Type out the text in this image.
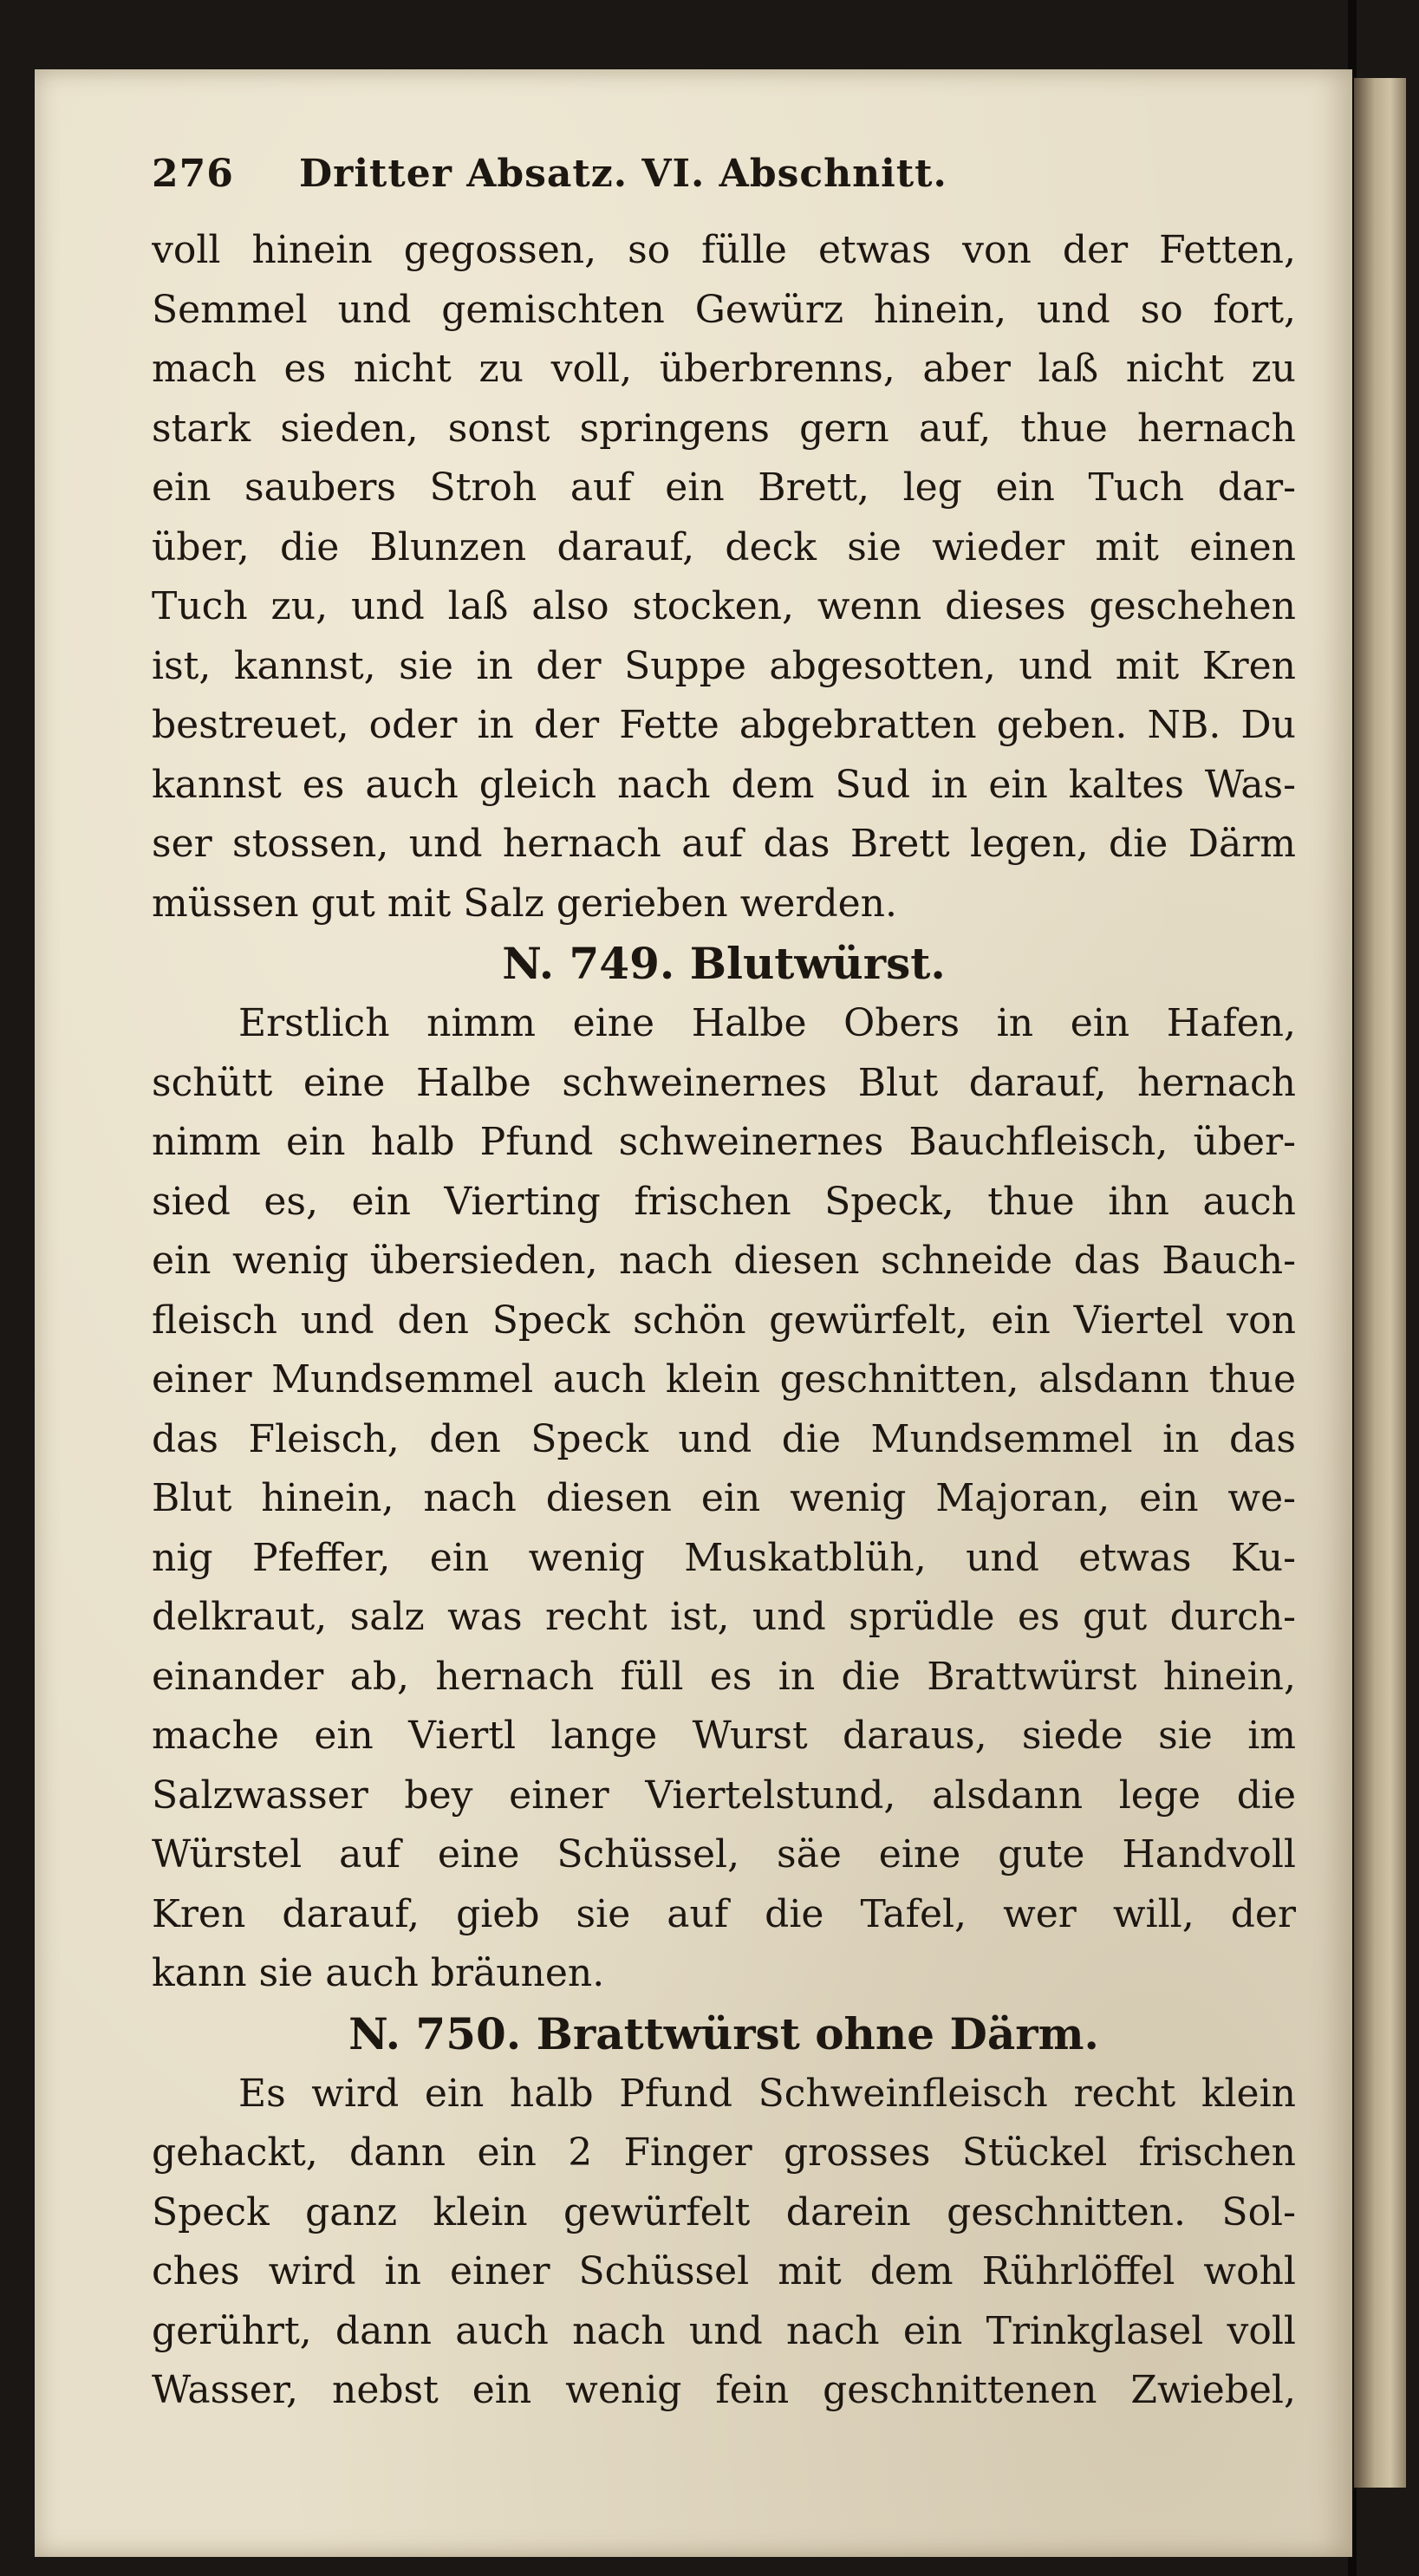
276	Dritter Absatz. VI. Abschnitt.
voll hinein gegossen, so fülle etwas von der Fetten,
Semmel und gemischten Gewürz hinein, und so fort,
mach es nicht zu voll, überbrenns, aber laß nicht zu
stark sieden, sonst springens gern auf, thue hernach
ein saubers Stroh auf ein Brett, leg ein Tuch dar-
über, die Blunzen darauf, deck sie wieder mit einen
Tuch zu, und laß also stocken, wenn dieses geschehen
ist, kannst, sie in der Suppe abgesotten, und mit Kren
bestreuet, oder in der Fette abgebratten geben. NB. Du
kannst es auch gleich nach dem Sud in ein kaltes Was-
ser stossen, und hernach auf das Brett legen, die Därm
müssen gut mit Salz gerieben werden.
N. 749. Blutwürst.
Erstlich nimm eine Halbe Obers in ein Hafen,
schütt eine Halbe schweinernes Blut darauf, hernach
nimm ein halb Pfund schweinernes Bauchfleisch, über-
sied es, ein Vierting frischen Speck, thue ihn auch
ein wenig übersieden, nach diesen schneide das Bauch-
fleisch und den Speck schön gewürfelt, ein Viertel von
einer Mundsemmel auch klein geschnitten, alsdann thue
das Fleisch, den Speck und die Mundsemmel in das
Blut hinein, nach diesen ein wenig Majoran, ein we-
nig Pfeffer, ein wenig Muskatblüh, und etwas Ku-
delkraut, salz was recht ist, und sprüdle es gut durch-
einander ab, hernach füll es in die Brattwürst hinein,
mache ein Viertl lange Wurst daraus, siede sie im
Salzwasser bey einer Viertelstund, alsdann lege die
Würstel auf eine Schüssel, säe eine gute Handvoll
Kren darauf, gieb sie auf die Tafel, wer will, der
kann sie auch bräunen.
N. 750. Brattwürst ohne Därm.
Es wird ein halb Pfund Schweinfleisch recht klein
gehackt, dann ein 2 Finger grosses Stückel frischen
Speck ganz klein gewürfelt darein geschnitten. Sol-
ches wird in einer Schüssel mit dem Rührlöffel wohl
gerührt, dann auch nach und nach ein Trinkglasel voll
Wasser, nebst ein wenig fein geschnittenen Zwiebel,
